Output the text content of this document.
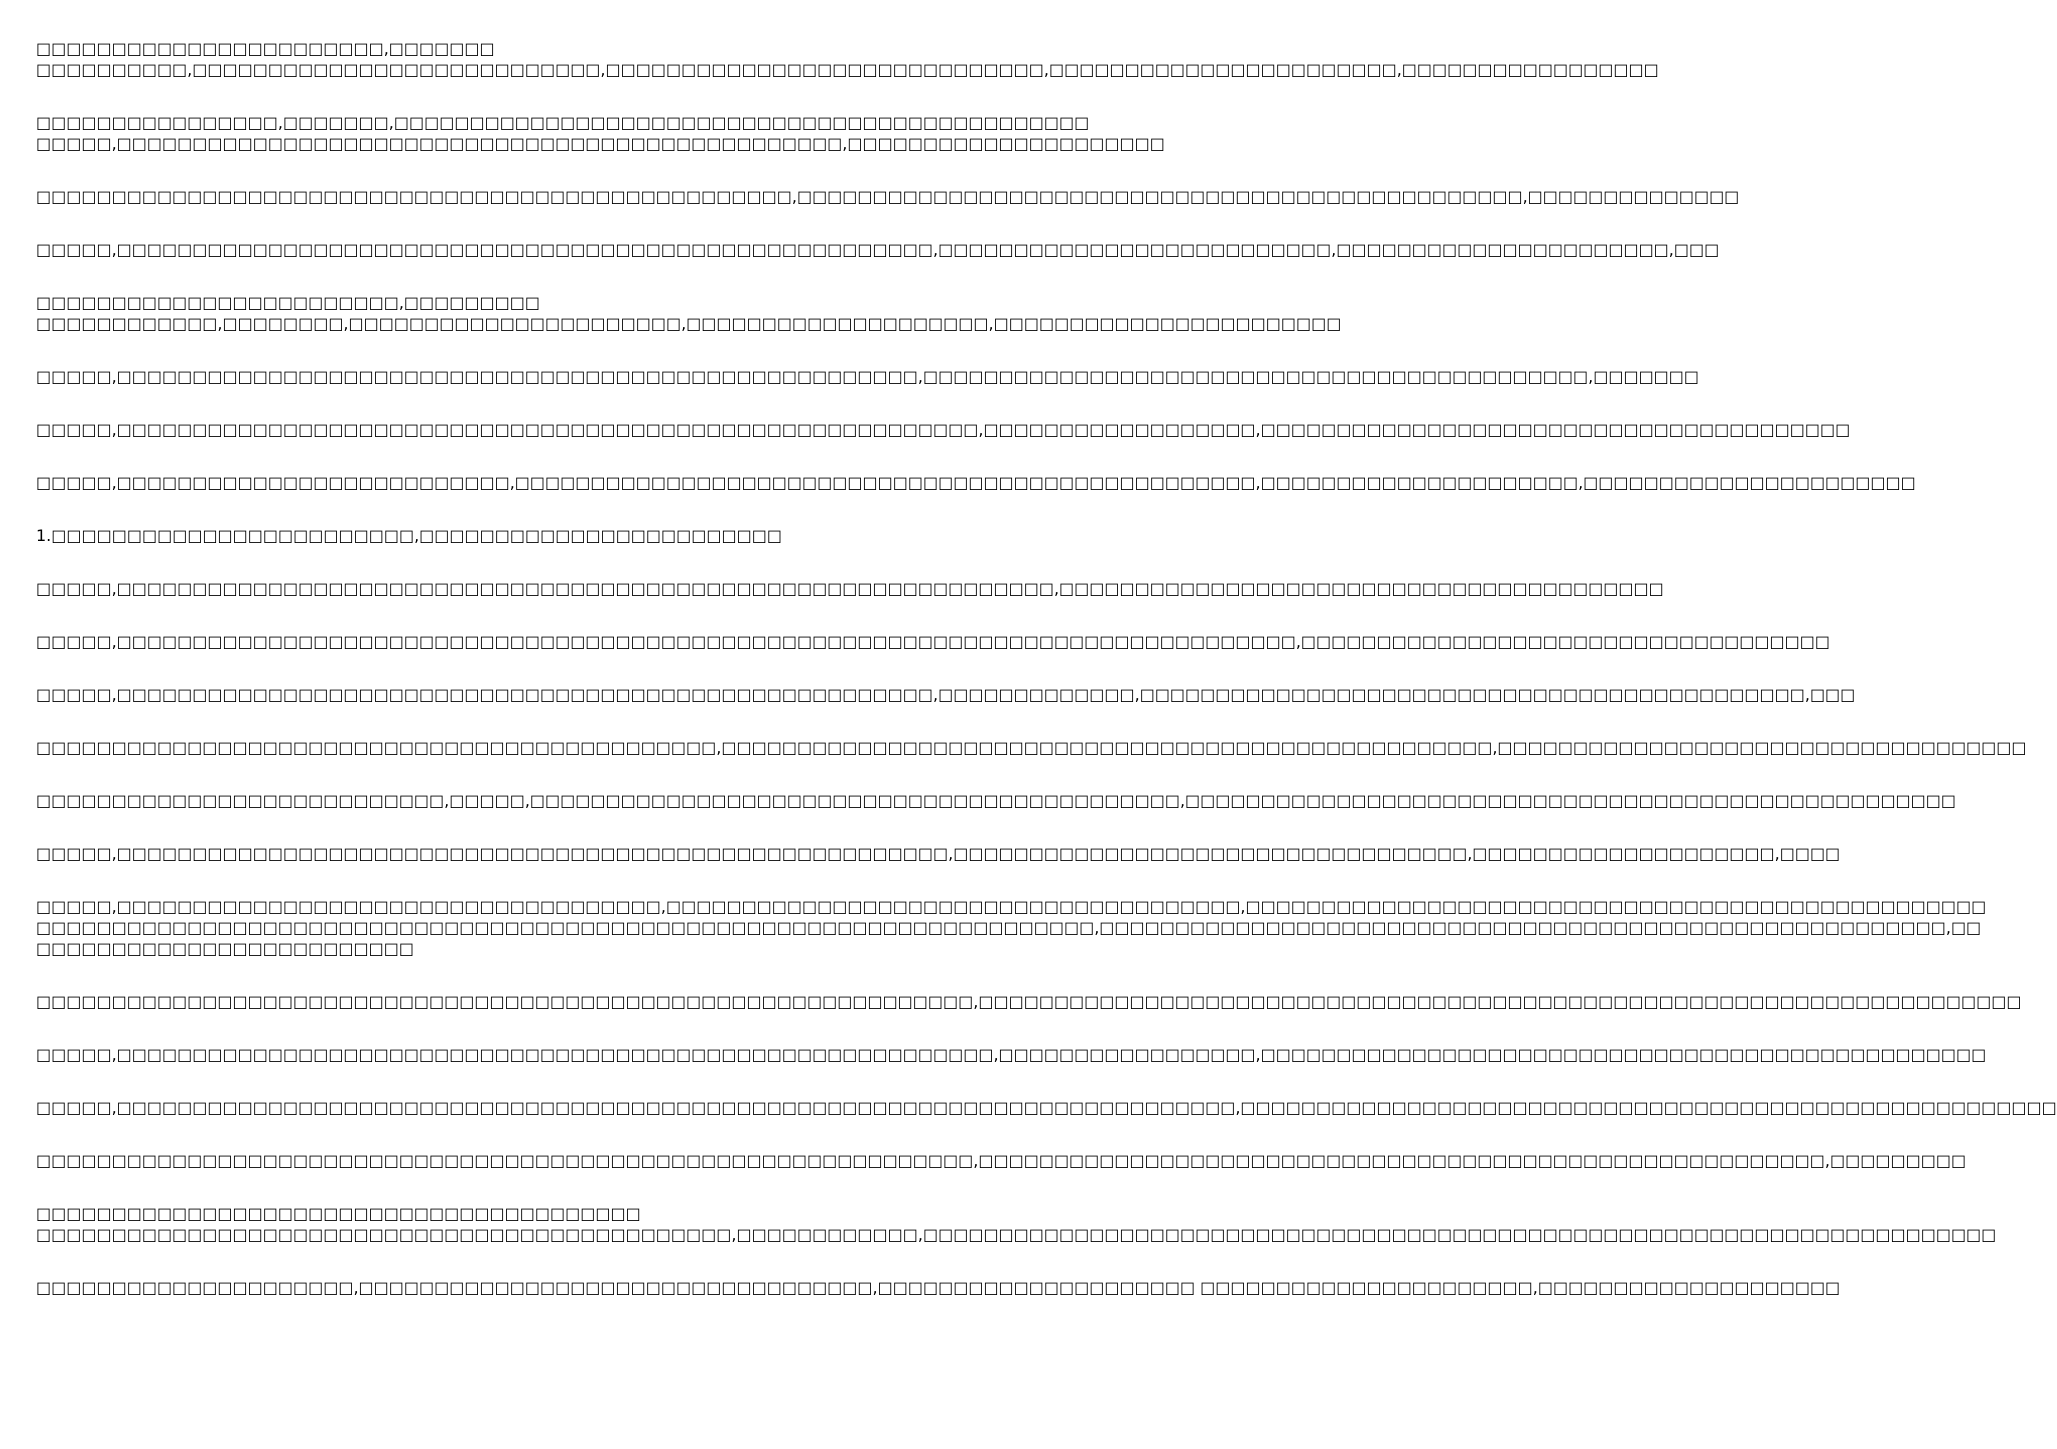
□□□□□□□□□□□□□□□□□□□□□□□,□□□□□□□
□□□□□□□□□□,□□□□□□□□□□□□□□□□□□□□□□□□□□□,□□□□□□□□□□□□□□□□□□□□□□□□□□□□□,□□□□□□□□□□□□□□□□□□□□□□□,□□□□□□□□□□□□□□□□□
□□□□□□□□□□□□□□□□,□□□□□□□,□□□□□□□□□□□□□□□□□□□□□□□□□□□□□□□□□□□□□□□□□□□□□□
□□□□□,□□□□□□□□□□□□□□□□□□□□□□□□□□□□□□□□□□□□□□□□□□□□□□□□,□□□□□□□□□□□□□□□□□□□□□
□□□□□□□□□□□□□□□□□□□□□□□□□□□□□□□□□□□□□□□□□□□□□□□□□□,□□□□□□□□□□□□□□□□□□□□□□□□□□□□□□□□□□□□□□□□□□□□□□□□,□□□□□□□□□□□□□□
□□□□□,□□□□□□□□□□□□□□□□□□□□□□□□□□□□□□□□□□□□□□□□□□□□□□□□□□□□□□,□□□□□□□□□□□□□□□□□□□□□□□□□□,□□□□□□□□□□□□□□□□□□□□□□,□□□
□□□□□□□□□□□□□□□□□□□□□□□□,□□□□□□□□□
□□□□□□□□□□□□,□□□□□□□□,□□□□□□□□□□□□□□□□□□□□□□,□□□□□□□□□□□□□□□□□□□□,□□□□□□□□□□□□□□□□□□□□□□□
□□□□□,□□□□□□□□□□□□□□□□□□□□□□□□□□□□□□□□□□□□□□□□□□□□□□□□□□□□□,□□□□□□□□□□□□□□□□□□□□□□□□□□□□□□□□□□□□□□□□□□□□,□□□□□□□
□□□□□,□□□□□□□□□□□□□□□□□□□□□□□□□□□□□□□□□□□□□□□□□□□□□□□□□□□□□□□□□,□□□□□□□□□□□□□□□□□□,□□□□□□□□□□□□□□□□□□□□□□□□□□□□□□□□□□□□□□□
□□□□□,□□□□□□□□□□□□□□□□□□□□□□□□□□,□□□□□□□□□□□□□□□□□□□□□□□□□□□□□□□□□□□□□□□□□□□□□□□□□,□□□□□□□□□□□□□□□□□□□□□,□□□□□□□□□□□□□□□□□□□□□□
1.□□□□□□□□□□□□□□□□□□□□□□□□,□□□□□□□□□□□□□□□□□□□□□□□□
□□□□□,□□□□□□□□□□□□□□□□□□□□□□□□□□□□□□□□□□□□□□□□□□□□□□□□□□□□□□□□□□□□□□,□□□□□□□□□□□□□□□□□□□□□□□□□□□□□□□□□□□□□□□□
□□□□□,□□□□□□□□□□□□□□□□□□□□□□□□□□□□□□□□□□□□□□□□□□□□□□□□□□□□□□□□□□□□□□□□□□□□□□□□□□□□□□,□□□□□□□□□□□□□□□□□□□□□□□□□□□□□□□□□□□
□□□□□,□□□□□□□□□□□□□□□□□□□□□□□□□□□□□□□□□□□□□□□□□□□□□□□□□□□□□□,□□□□□□□□□□□□□,□□□□□□□□□□□□□□□□□□□□□□□□□□□□□□□□□□□□□□□□□□□□,□□□
□□□□□□□□□□□□□□□□□□□□□□□□□□□□□□□□□□□□□□□□□□□□□,□□□□□□□□□□□□□□□□□□□□□□□□□□□□□□□□□□□□□□□□□□□□□□□□□□□,□□□□□□□□□□□□□□□□□□□□□□□□□□□□□□□□□□□
□□□□□□□□□□□□□□□□□□□□□□□□□□□,□□□□□,□□□□□□□□□□□□□□□□□□□□□□□□□□□□□□□□□□□□□□□□□□□,□□□□□□□□□□□□□□□□□□□□□□□□□□□□□□□□□□□□□□□□□□□□□□□□□□□
□□□□□,□□□□□□□□□□□□□□□□□□□□□□□□□□□□□□□□□□□□□□□□□□□□□□□□□□□□□□□,□□□□□□□□□□□□□□□□□□□□□□□□□□□□□□□□□□,□□□□□□□□□□□□□□□□□□□□,□□□□
□□□□□,□□□□□□□□□□□□□□□□□□□□□□□□□□□□□□□□□□□□,□□□□□□□□□□□□□□□□□□□□□□□□□□□□□□□□□□□□□□,□□□□□□□□□□□□□□□□□□□□□□□□□□□□□□□□□□□□□□□□□□□□□□□□□
□□□□□□□□□□□□□□□□□□□□□□□□□□□□□□□□□□□□□□□□□□□□□□□□□□□□□□□□□□□□□□□□□□□□□□,□□□□□□□□□□□□□□□□□□□□□□□□□□□□□□□□□□□□□□□□□□□□□□□□□□□□□□□□,□□
□□□□□□□□□□□□□□□□□□□□□□□□□
□□□□□□□□□□□□□□□□□□□□□□□□□□□□□□□□□□□□□□□□□□□□□□□□□□□□□□□□□□□□□□,□□□□□□□□□□□□□□□□□□□□□□□□□□□□□□□□□□□□□□□□□□□□□□□□□□□□□□□□□□□□□□□□□□□□□
□□□□□,□□□□□□□□□□□□□□□□□□□□□□□□□□□□□□□□□□□□□□□□□□□□□□□□□□□□□□□□□□,□□□□□□□□□□□□□□□□□,□□□□□□□□□□□□□□□□□□□□□□□□□□□□□□□□□□□□□□□□□□□□□□□□
□□□□□,□□□□□□□□□□□□□□□□□□□□□□□□□□□□□□□□□□□□□□□□□□□□□□□□□□□□□□□□□□□□□□□□□□□□□□□□□□,□□□□□□□□□□□□□□□□□□□□□□□□□□□□□□□□□□□□□□□□□□□□□□□□□□□□□□
□□□□□□□□□□□□□□□□□□□□□□□□□□□□□□□□□□□□□□□□□□□□□□□□□□□□□□□□□□□□□□,□□□□□□□□□□□□□□□□□□□□□□□□□□□□□□□□□□□□□□□□□□□□□□□□□□□□□□□□,□□□□□□□□□
□□□□□□□□□□□□□□□□□□□□□□□□□□□□□□□□□□□□□□□□
□□□□□□□□□□□□□□□□□□□□□□□□□□□□□□□□□□□□□□□□□□□□□□,□□□□□□□□□□□□,□□□□□□□□□□□□□□□□□□□□□□□□□□□□□□□□□□□□□□□□□□□□□□□□□□□□□□□□□□□□□□□□□□□□□□□
□□□□□□□□□□□□□□□□□□□□□,□□□□□□□□□□□□□□□□□□□□□□□□□□□□□□□□□□,□□□□□□□□□□□□□□□□□□□□□ □□□□□□□□□□□□□□□□□□□□□□,□□□□□□□□□□□□□□□□□□□□
